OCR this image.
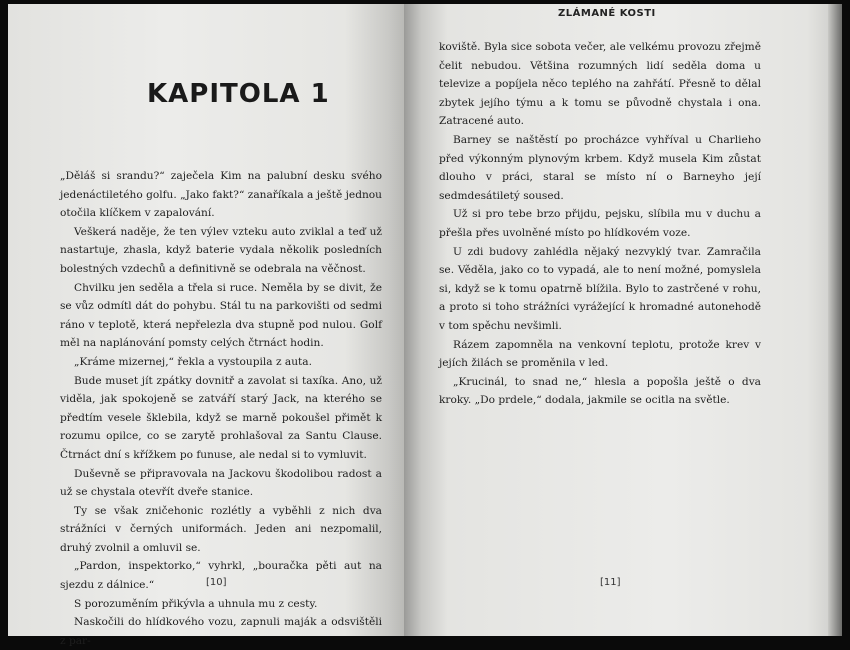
KAPITOLA 1

„Děláš si srandu?“ zaječela Kim na palubní desku svého jedenáctiletého golfu. „Jako fakt?“ zanaříkala a ještě jednou otočila klíčkem v zapalování.

Veškerá naděje, že ten výlev vzteku auto zviklal a teď už nastartuje, zhasla, když baterie vydala několik posledních bolestných vzdechů a definitivně se odebrala na věčnost.

Chvilku jen seděla a třela si ruce. Neměla by se divit, že se vůz odmítl dát do pohybu. Stál tu na parkovišti od sedmi ráno v teplotě, která nepřelezla dva stupně pod nulou. Golf měl na naplánování pomsty celých čtrnáct hodin.

„Kráme mizernej,“ řekla a vystoupila z auta.

Bude muset jít zpátky dovnitř a zavolat si taxíka. Ano, už viděla, jak spokojeně se zatváří starý Jack, na kterého se předtím vesele šklebila, když se marně pokoušel přimět k rozumu opilce, co se zarytě prohlašoval za Santu Clause. Čtrnáct dní s křížkem po funuse, ale nedal si to vymluvit.

Duševně se připravovala na Jackovu škodolibou radost a už se chystala otevřít dveře stanice.

Ty se však zničehonic rozlétly a vyběhli z nich dva strážníci v černých uniformách. Jeden ani nezpomalil, druhý zvolnil a omluvil se.

„Pardon, inspektorko,“ vyhrkl, „bouračka pěti aut na sjezdu z dálnice.“

S porozuměním přikývla a uhnula mu z cesty.

Naskočili do hlídkového vozu, zapnuli maják a odsvištěli z par-

[10]
ZLÁMANÉ KOSTI

koviště. Byla sice sobota večer, ale velkému provozu zřejmě čelit nebudou. Většina rozumných lidí seděla doma u televize a popíjela něco teplého na zahřátí. Přesně to dělal zbytek jejího týmu a k tomu se původně chystala i ona. Zatracené auto.

Barney se naštěstí po procházce vyhříval u Charlieho před výkonným plynovým krbem. Když musela Kim zůstat dlouho v práci, staral se místo ní o Barneyho její sedmdesátiletý soused.

Už si pro tebe brzo přijdu, pejsku, slíbila mu v duchu a přešla přes uvolněné místo po hlídkovém voze.

U zdi budovy zahlédla nějaký nezvyklý tvar. Zamračila se. Věděla, jako co to vypadá, ale to není možné, pomyslela si, když se k tomu opatrně blížila. Bylo to zastrčené v rohu, a proto si toho strážníci vyrážející k hromadné autonehodě v tom spěchu nevšimli.

Rázem zapomněla na venkovní teplotu, protože krev v jejích žilách se proměnila v led.

„Krucinál, to snad ne,“ hlesla a popošla ještě o dva kroky. „Do prdele,“ dodala, jakmile se ocitla na světle.

[11]
